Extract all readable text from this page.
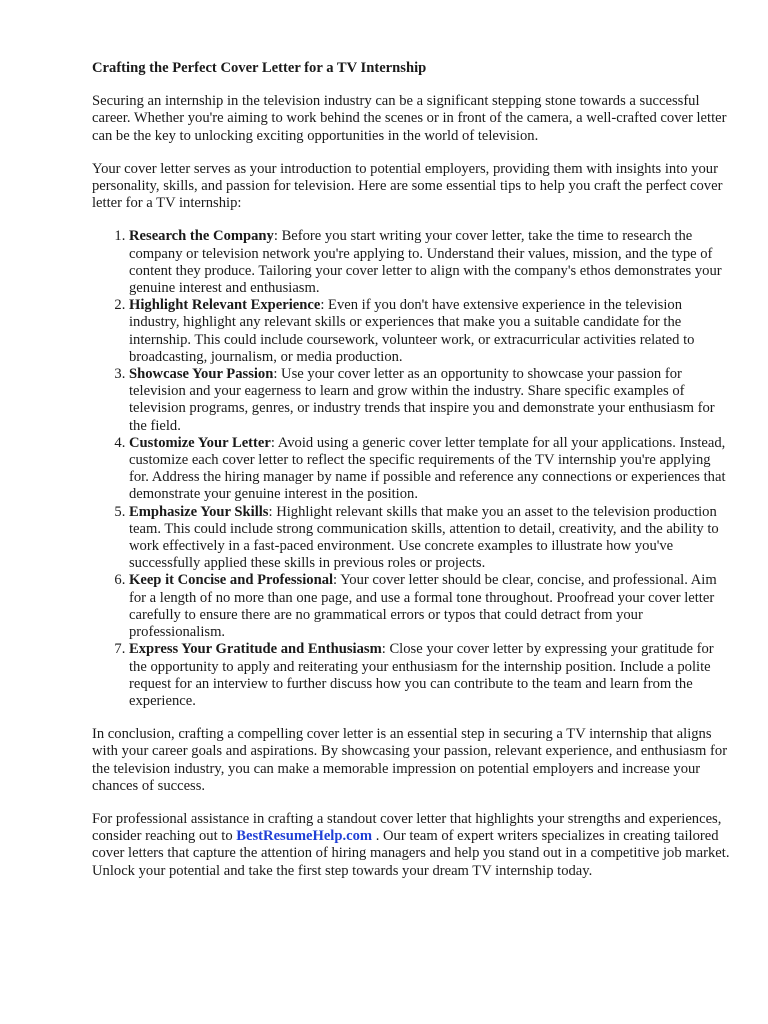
Crafting the Perfect Cover Letter for a TV Internship

Securing an internship in the television industry can be a significant stepping stone towards a successful career. Whether you're aiming to work behind the scenes or in front of the camera, a well-crafted cover letter can be the key to unlocking exciting opportunities in the world of television.

Your cover letter serves as your introduction to potential employers, providing them with insights into your personality, skills, and passion for television. Here are some essential tips to help you craft the perfect cover letter for a TV internship:

1. Research the Company: Before you start writing your cover letter, take the time to research the company or television network you're applying to. Understand their values, mission, and the type of content they produce. Tailoring your cover letter to align with the company's ethos demonstrates your genuine interest and enthusiasm.
2. Highlight Relevant Experience: Even if you don't have extensive experience in the television industry, highlight any relevant skills or experiences that make you a suitable candidate for the internship. This could include coursework, volunteer work, or extracurricular activities related to broadcasting, journalism, or media production.
3. Showcase Your Passion: Use your cover letter as an opportunity to showcase your passion for television and your eagerness to learn and grow within the industry. Share specific examples of television programs, genres, or industry trends that inspire you and demonstrate your enthusiasm for the field.
4. Customize Your Letter: Avoid using a generic cover letter template for all your applications. Instead, customize each cover letter to reflect the specific requirements of the TV internship you're applying for. Address the hiring manager by name if possible and reference any connections or experiences that demonstrate your genuine interest in the position.
5. Emphasize Your Skills: Highlight relevant skills that make you an asset to the television production team. This could include strong communication skills, attention to detail, creativity, and the ability to work effectively in a fast-paced environment. Use concrete examples to illustrate how you've successfully applied these skills in previous roles or projects.
6. Keep it Concise and Professional: Your cover letter should be clear, concise, and professional. Aim for a length of no more than one page, and use a formal tone throughout. Proofread your cover letter carefully to ensure there are no grammatical errors or typos that could detract from your professionalism.
7. Express Your Gratitude and Enthusiasm: Close your cover letter by expressing your gratitude for the opportunity to apply and reiterating your enthusiasm for the internship position. Include a polite request for an interview to further discuss how you can contribute to the team and learn from the experience.

In conclusion, crafting a compelling cover letter is an essential step in securing a TV internship that aligns with your career goals and aspirations. By showcasing your passion, relevant experience, and enthusiasm for the television industry, you can make a memorable impression on potential employers and increase your chances of success.

For professional assistance in crafting a standout cover letter that highlights your strengths and experiences, consider reaching out to BestResumeHelp.com . Our team of expert writers specializes in creating tailored cover letters that capture the attention of hiring managers and help you stand out in a competitive job market. Unlock your potential and take the first step towards your dream TV internship today.
